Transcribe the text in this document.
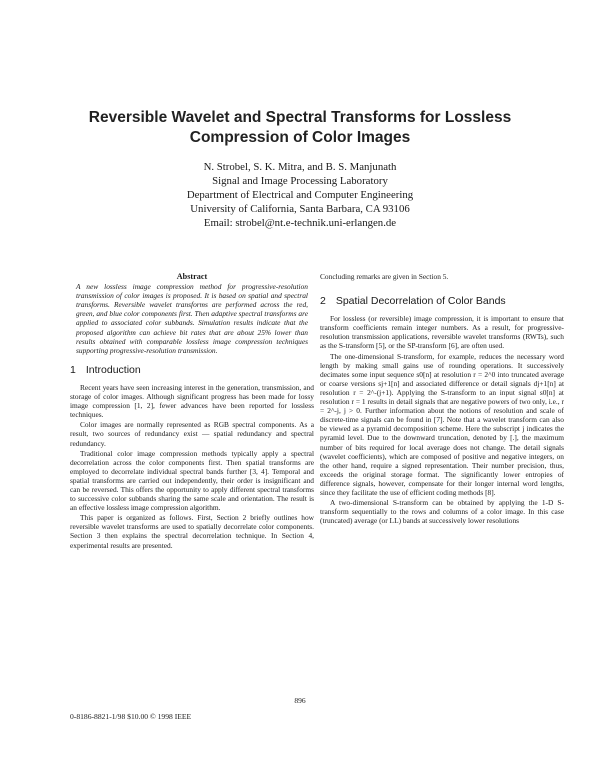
Reversible Wavelet and Spectral Transforms for Lossless
Compression of Color Images
N. Strobel, S. K. Mitra, and B. S. Manjunath
Signal and Image Processing Laboratory
Department of Electrical and Computer Engineering
University of California, Santa Barbara, CA 93106
Email: strobel@nt.e-technik.uni-erlangen.de

Abstract

A new lossless image compression method for progressive-resolution transmission of color images is proposed. It is based on spatial and spectral transforms. Reversible wavelet transforms are performed across the red, green, and blue color components first. Then adaptive spectral transforms are applied to associated color subbands. Simulation results indicate that the proposed algorithm can achieve bit rates that are about 25% lower than results obtained with comparable lossless image compression techniques supporting progressive-resolution transmission.

1 Introduction

Recent years have seen increasing interest in the generation, transmission, and storage of color images. Although significant progress has been made for lossy image compression [1, 2], fewer advances have been reported for lossless techniques.

Color images are normally represented as RGB spectral components. As a result, two sources of redundancy exist — spatial redundancy and spectral redundancy.

Traditional color image compression methods typically apply a spectral decorrelation across the color components first. Then spatial transforms are employed to decorrelate individual spectral bands further [3, 4]. Temporal and spatial transforms are carried out independently, their order is insignificant and can be reversed. This offers the opportunity to apply different spectral transforms to successive color subbands sharing the same scale and orientation. The result is an effective lossless image compression algorithm.

This paper is organized as follows. First, Section 2 briefly outlines how reversible wavelet transforms are used to spatially decorrelate color components. Section 3 then explains the spectral decorrelation technique. In Section 4, experimental results are presented.

Concluding remarks are given in Section 5.

2 Spatial Decorrelation of Color Bands

For lossless (or reversible) image compression, it is important to ensure that transform coefficients remain integer numbers. As a result, for progressive-resolution transmission applications, reversible wavelet transforms (RWTs), such as the S-transform [5], or the SP-transform [6], are often used.

The one-dimensional S-transform, for example, reduces the necessary word length by making small gains use of rounding operations. It successively decimates some input sequence s0[n] at resolution r = 2^0 into truncated average or coarse versions sj+1[n] and associated difference or detail signals dj+1[n] at resolution r = 2^-(j+1). Applying the S-transform to an input signal s0[n] at resolution r = 1 results in detail signals that are negative powers of two only, i.e., r = 2^-j, j > 0. Further information about the notions of resolution and scale of discrete-time signals can be found in [7]. Note that a wavelet transform can also be viewed as a pyramid decomposition scheme. Here the subscript j indicates the pyramid level. Due to the downward truncation, denoted by [.], the maximum number of bits required for local average does not change. The detail signals (wavelet coefficients), which are composed of positive and negative integers, on the other hand, require a signed representation. Their number precision, thus, exceeds the original storage format. The significantly lower entropies of difference signals, however, compensate for their longer internal word lengths, since they facilitate the use of efficient coding methods [8].

A two-dimensional S-transform can be obtained by applying the 1-D S-transform sequentially to the rows and columns of a color image. In this case (truncated) average (or LL) bands at successively lower resolutions

896
0-8186-8821-1/98 $10.00 © 1998 IEEE
